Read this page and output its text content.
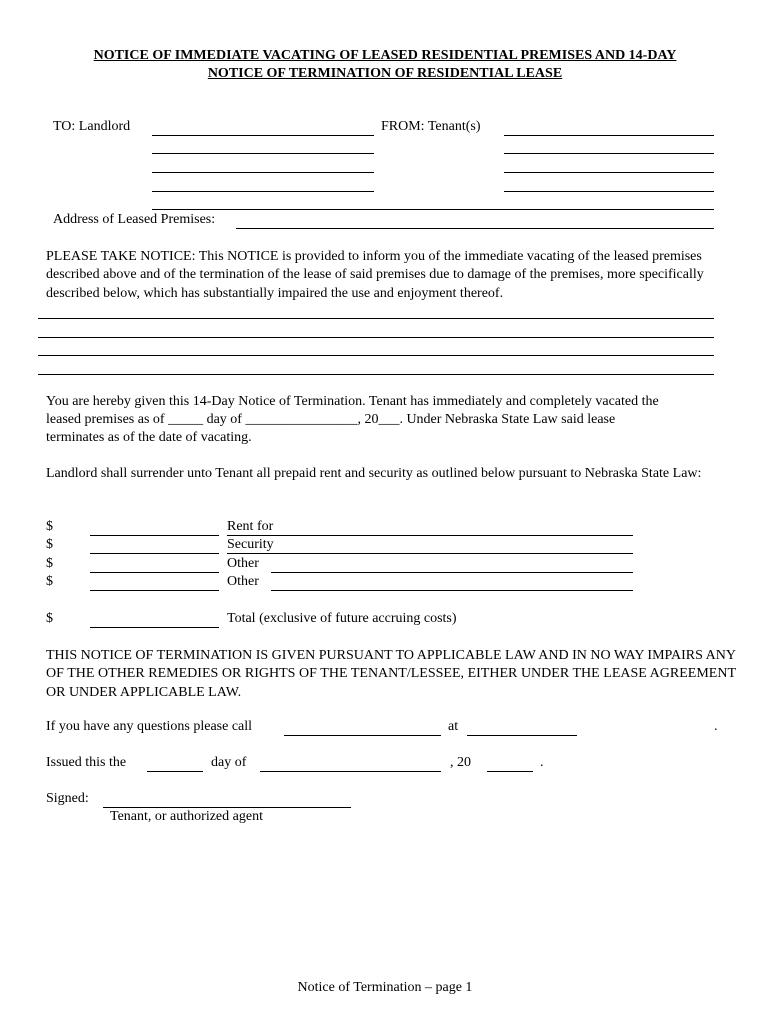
NOTICE OF IMMEDIATE VACATING OF LEASED RESIDENTIAL PREMISES AND 14-DAY
NOTICE OF TERMINATION OF RESIDENTIAL LEASE
TO: Landlord	FROM: Tenant(s)
Address of Leased Premises:
PLEASE TAKE NOTICE: This NOTICE is provided to inform you of the immediate vacating of the leased premises described above and of the termination of the lease of said premises due to damage of the premises, more specifically described below, which has substantially impaired the use and enjoyment thereof.
You are hereby given this 14-Day Notice of Termination. Tenant has immediately and completely vacated the
leased premises as of _____ day of ________________, 20___. Under Nebraska State Law said lease
terminates as of the date of vacating.
Landlord shall surrender unto Tenant all prepaid rent and security as outlined below pursuant to Nebraska State Law:
$	Rent for
$	Security
$	Other
$	Other
$	Total (exclusive of future accruing costs)
THIS NOTICE OF TERMINATION IS GIVEN PURSUANT TO APPLICABLE LAW AND IN NO WAY IMPAIRS ANY OF THE OTHER REMEDIES OR RIGHTS OF THE TENANT/LESSEE, EITHER UNDER THE LEASE AGREEMENT OR UNDER APPLICABLE LAW.
If you have any questions please call	at	.
Issued this the	day of	, 20	.
Signed:
Tenant, or authorized agent
Notice of Termination – page 1
